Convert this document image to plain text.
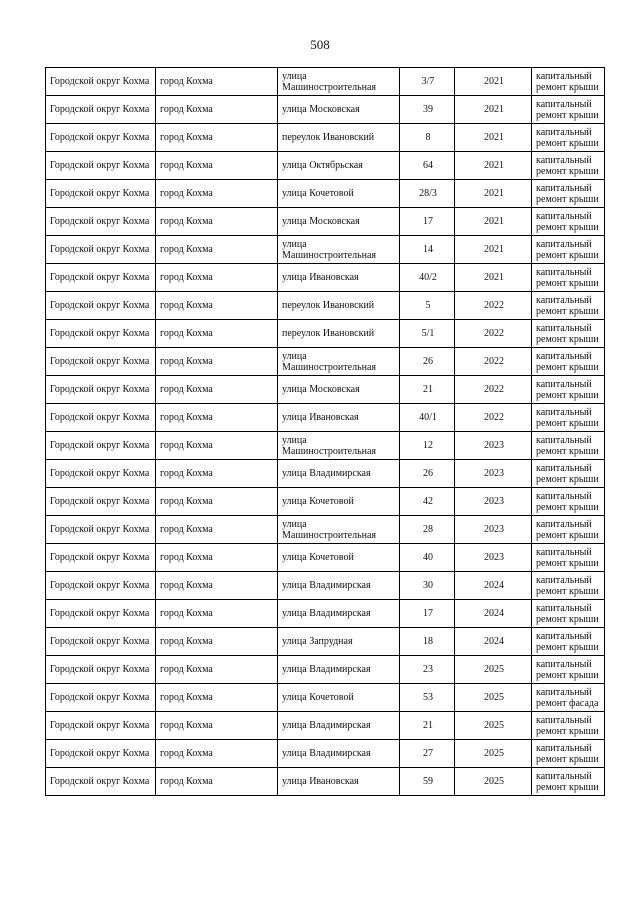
508
Городской округ Кохма	город Кохма	улица Машиностроительная	3/7	2021	капитальный ремонт крыши
Городской округ Кохма	город Кохма	улица Московская	39	2021	капитальный ремонт крыши
Городской округ Кохма	город Кохма	переулок Ивановский	8	2021	капитальный ремонт крыши
Городской округ Кохма	город Кохма	улица Октябрьская	64	2021	капитальный ремонт крыши
Городской округ Кохма	город Кохма	улица Кочетовой	28/3	2021	капитальный ремонт крыши
Городской округ Кохма	город Кохма	улица Московская	17	2021	капитальный ремонт крыши
Городской округ Кохма	город Кохма	улица Машиностроительная	14	2021	капитальный ремонт крыши
Городской округ Кохма	город Кохма	улица Ивановская	40/2	2021	капитальный ремонт крыши
Городской округ Кохма	город Кохма	переулок Ивановский	5	2022	капитальный ремонт крыши
Городской округ Кохма	город Кохма	переулок Ивановский	5/1	2022	капитальный ремонт крыши
Городской округ Кохма	город Кохма	улица Машиностроительная	26	2022	капитальный ремонт крыши
Городской округ Кохма	город Кохма	улица Московская	21	2022	капитальный ремонт крыши
Городской округ Кохма	город Кохма	улица Ивановская	40/1	2022	капитальный ремонт крыши
Городской округ Кохма	город Кохма	улица Машиностроительная	12	2023	капитальный ремонт крыши
Городской округ Кохма	город Кохма	улица Владимирская	26	2023	капитальный ремонт крыши
Городской округ Кохма	город Кохма	улица Кочетовой	42	2023	капитальный ремонт крыши
Городской округ Кохма	город Кохма	улица Машиностроительная	28	2023	капитальный ремонт крыши
Городской округ Кохма	город Кохма	улица Кочетовой	40	2023	капитальный ремонт крыши
Городской округ Кохма	город Кохма	улица Владимирская	30	2024	капитальный ремонт крыши
Городской округ Кохма	город Кохма	улица Владимирская	17	2024	капитальный ремонт крыши
Городской округ Кохма	город Кохма	улица Запрудная	18	2024	капитальный ремонт крыши
Городской округ Кохма	город Кохма	улица Владимирская	23	2025	капитальный ремонт крыши
Городской округ Кохма	город Кохма	улица Кочетовой	53	2025	капитальный ремонт фасада
Городской округ Кохма	город Кохма	улица Владимирская	21	2025	капитальный ремонт крыши
Городской округ Кохма	город Кохма	улица Владимирская	27	2025	капитальный ремонт крыши
Городской округ Кохма	город Кохма	улица Ивановская	59	2025	капитальный ремонт крыши
